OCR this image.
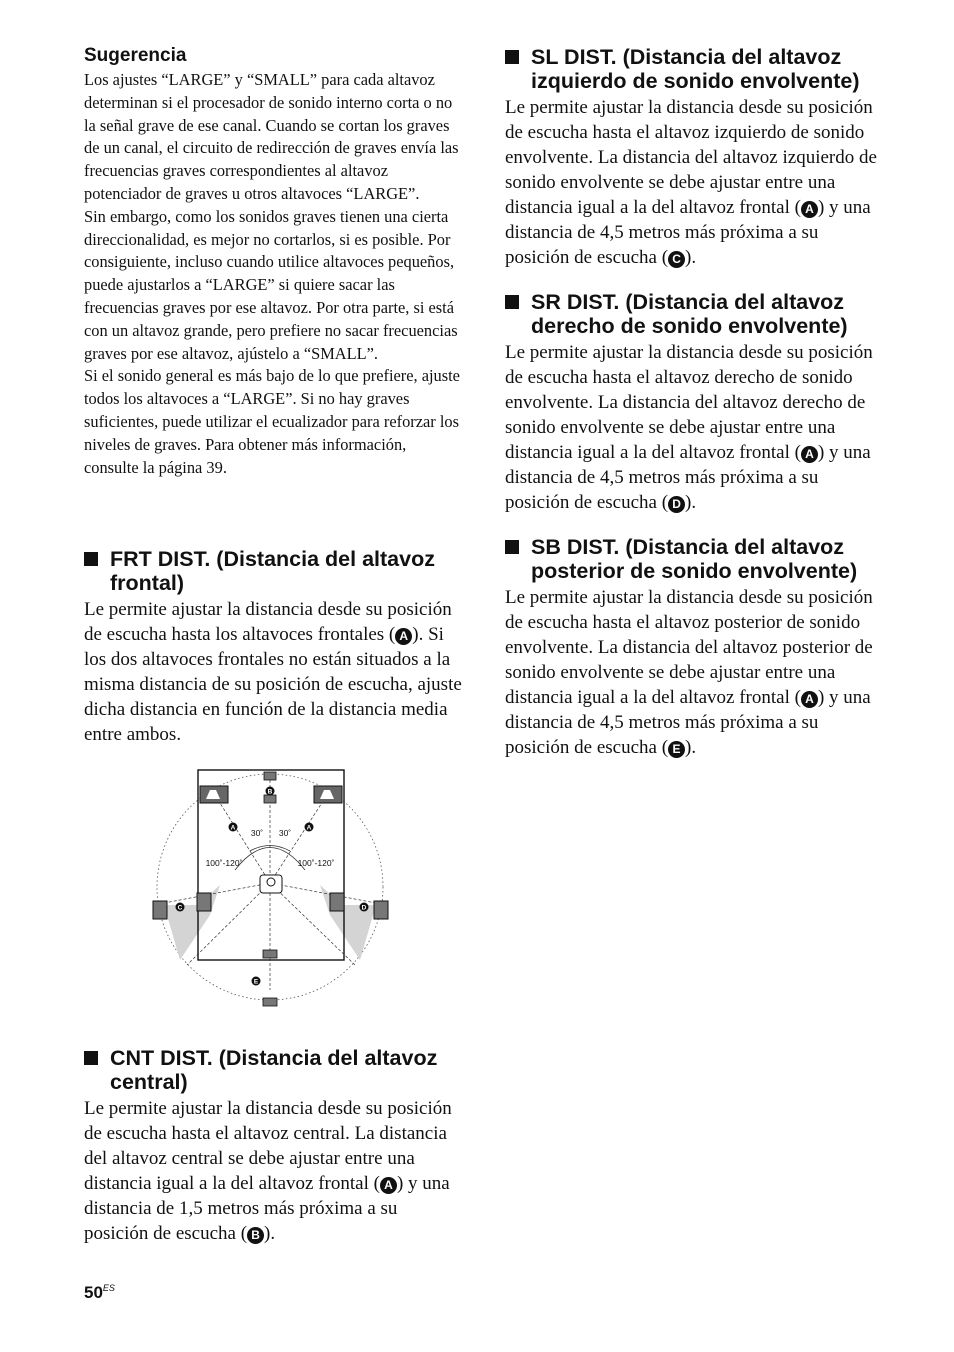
Sugerencia

Los ajustes “LARGE” y “SMALL” para cada altavoz determinan si el procesador de sonido interno corta o no la señal grave de ese canal. Cuando se cortan los graves de un canal, el circuito de redirección de graves envía las frecuencias graves correspondientes al altavoz potenciador de graves u otros altavoces “LARGE”.

Sin embargo, como los sonidos graves tienen una cierta direccionalidad, es mejor no cortarlos, si es posible. Por consiguiente, incluso cuando utilice altavoces pequeños, puede ajustarlos a “LARGE” si quiere sacar las frecuencias graves por ese altavoz. Por otra parte, si está con un altavoz grande, pero prefiere no sacar frecuencias graves por ese altavoz, ajústelo a “SMALL”.

Si el sonido general es más bajo de lo que prefiere, ajuste todos los altavoces a “LARGE”. Si no hay graves suficientes, puede utilizar el ecualizador para reforzar los niveles de graves. Para obtener más información, consulte la página 39.

FRT DIST. (Distancia del altavoz frontal)
Le permite ajustar la distancia desde su posición de escucha hasta los altavoces frontales ( A ). Si los dos altavoces frontales no están situados a la misma distancia de su posición de escucha, ajuste dicha distancia en función de la distancia media entre ambos.
B
A	A
C	D
E
30˚ 30˚
100˚-120˚	100˚-120˚
CNT DIST. (Distancia del altavoz central)
Le permite ajustar la distancia desde su posición de escucha hasta el altavoz central. La distancia del altavoz central se debe ajustar entre una distancia igual a la del altavoz frontal ( A ) y una distancia de 1,5 metros más próxima a su posición de escucha ( B ).
SL DIST. (Distancia del altavoz izquierdo de sonido envolvente)
Le permite ajustar la distancia desde su posición de escucha hasta el altavoz izquierdo de sonido envolvente. La distancia del altavoz izquierdo de sonido envolvente se debe ajustar entre una distancia igual a la del altavoz frontal ( A ) y una distancia de 4,5 metros más próxima a su posición de escucha ( C ).
SR DIST. (Distancia del altavoz derecho de sonido envolvente)
Le permite ajustar la distancia desde su posición de escucha hasta el altavoz derecho de sonido envolvente. La distancia del altavoz derecho de sonido envolvente se debe ajustar entre una distancia igual a la del altavoz frontal ( A ) y una distancia de 4,5 metros más próxima a su posición de escucha ( D ).
SB DIST. (Distancia del altavoz posterior de sonido envolvente)
Le permite ajustar la distancia desde su posición de escucha hasta el altavoz posterior de sonido envolvente. La distancia del altavoz posterior de sonido envolvente se debe ajustar entre una distancia igual a la del altavoz frontal ( A ) y una distancia de 4,5 metros más próxima a su posición de escucha ( E ).
$50^{ES}$
